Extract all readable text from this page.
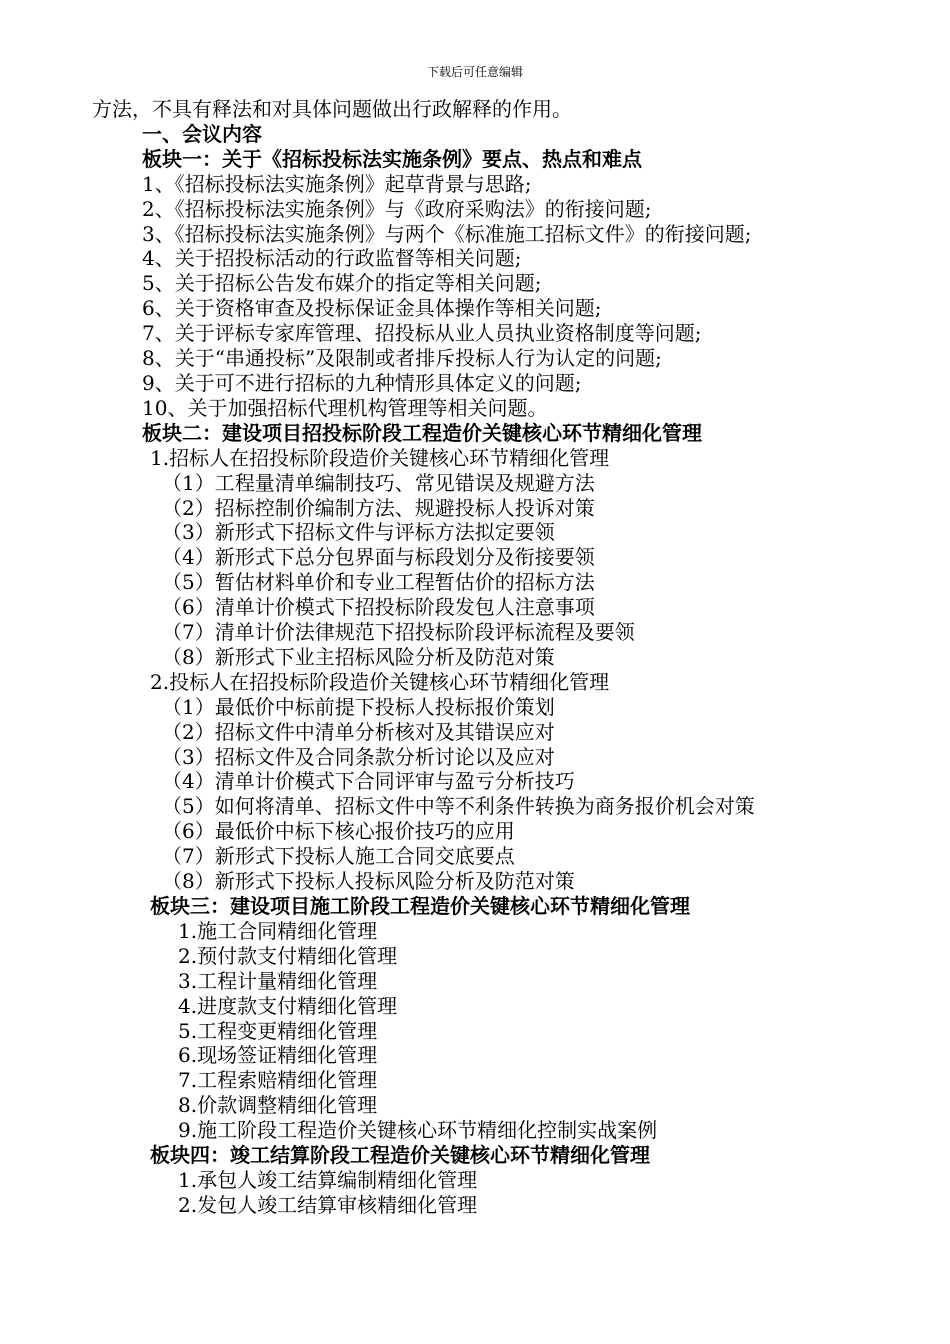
下载后可任意编辑
方法，不具有释法和对具体问题做出行政解释的作用。
一、会议内容
板块一：关于《招标投标法实施条例》要点、热点和难点
1、《招标投标法实施条例》起草背景与思路;
2、《招标投标法实施条例》与《政府采购法》的衔接问题;
3、《招标投标法实施条例》与两个《标准施工招标文件》的衔接问题;
4、关于招投标活动的行政监督等相关问题;
5、关于招标公告发布媒介的指定等相关问题;
6、关于资格审查及投标保证金具体操作等相关问题;
7、关于评标专家库管理、招投标从业人员执业资格制度等问题;
8、关于“串通投标”及限制或者排斥投标人行为认定的问题;
9、关于可不进行招标的九种情形具体定义的问题;
10、关于加强招标代理机构管理等相关问题。
板块二：建设项目招投标阶段工程造价关键核心环节精细化管理
1.招标人在招投标阶段造价关键核心环节精细化管理
（1）工程量清单编制技巧、常见错误及规避方法
（2）招标控制价编制方法、规避投标人投诉对策
（3）新形式下招标文件与评标方法拟定要领
（4）新形式下总分包界面与标段划分及衔接要领
（5）暂估材料单价和专业工程暂估价的招标方法
（6）清单计价模式下招投标阶段发包人注意事项
（7）清单计价法律规范下招投标阶段评标流程及要领
（8）新形式下业主招标风险分析及防范对策
2.投标人在招投标阶段造价关键核心环节精细化管理
（1）最低价中标前提下投标人投标报价策划
（2）招标文件中清单分析核对及其错误应对
（3）招标文件及合同条款分析讨论以及应对
（4）清单计价模式下合同评审与盈亏分析技巧
（5）如何将清单、招标文件中等不利条件转换为商务报价机会对策
（6）最低价中标下核心报价技巧的应用
（7）新形式下投标人施工合同交底要点
（8）新形式下投标人投标风险分析及防范对策
板块三：建设项目施工阶段工程造价关键核心环节精细化管理
1.施工合同精细化管理
2.预付款支付精细化管理
3.工程计量精细化管理
4.进度款支付精细化管理
5.工程变更精细化管理
6.现场签证精细化管理
7.工程索赔精细化管理
8.价款调整精细化管理
9.施工阶段工程造价关键核心环节精细化控制实战案例
板块四：竣工结算阶段工程造价关键核心环节精细化管理
1.承包人竣工结算编制精细化管理
2.发包人竣工结算审核精细化管理
